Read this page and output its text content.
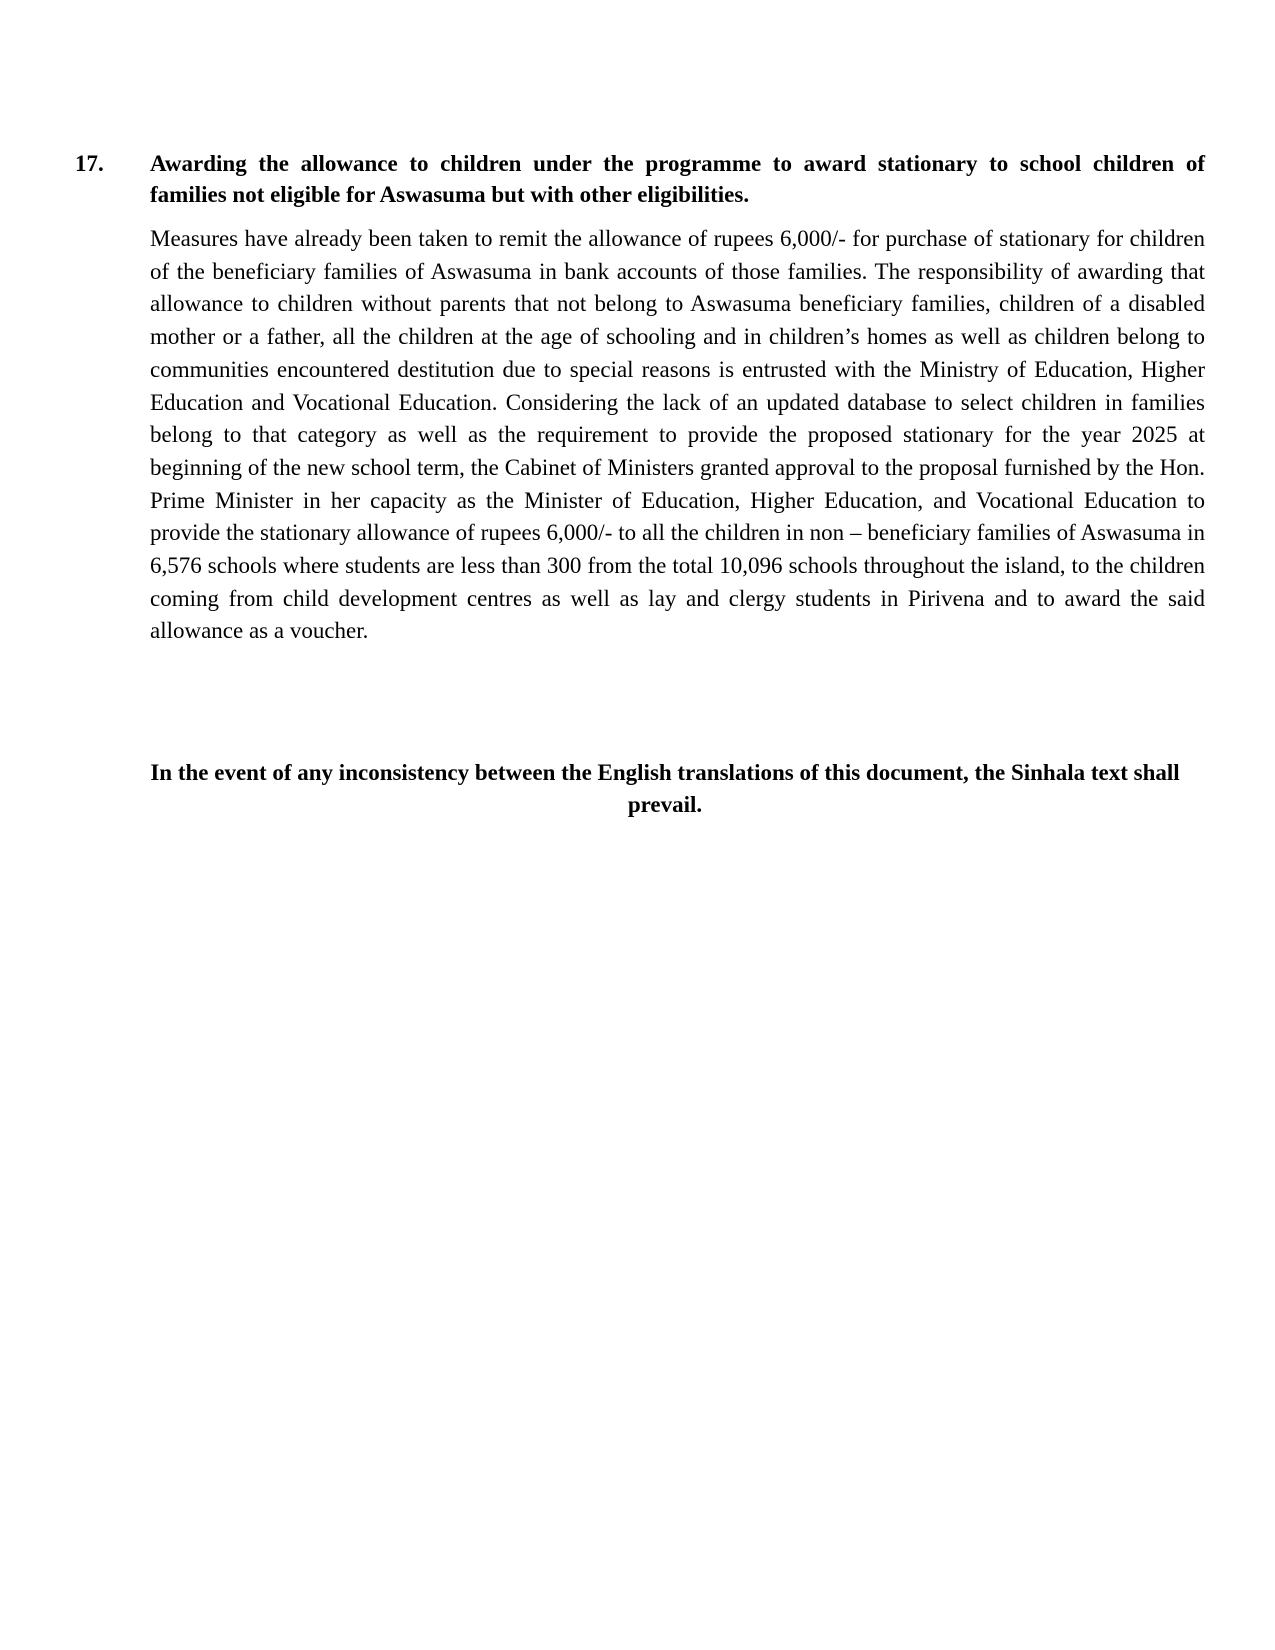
17. Awarding the allowance to children under the programme to award stationary to school children of families not eligible for Aswasuma but with other eligibilities.

Measures have already been taken to remit the allowance of rupees 6,000/- for purchase of stationary for children of the beneficiary families of Aswasuma in bank accounts of those families. The responsibility of awarding that allowance to children without parents that not belong to Aswasuma beneficiary families, children of a disabled mother or a father, all the children at the age of schooling and in children’s homes as well as children belong to communities encountered destitution due to special reasons is entrusted with the Ministry of Education, Higher Education and Vocational Education. Considering the lack of an updated database to select children in families belong to that category as well as the requirement to provide the proposed stationary for the year 2025 at beginning of the new school term, the Cabinet of Ministers granted approval to the proposal furnished by the Hon. Prime Minister in her capacity as the Minister of Education, Higher Education, and Vocational Education to provide the stationary allowance of rupees 6,000/- to all the children in non – beneficiary families of Aswasuma in 6,576 schools where students are less than 300 from the total 10,096 schools throughout the island, to the children coming from child development centres as well as lay and clergy students in Pirivena and to award the said allowance as a voucher.

In the event of any inconsistency between the English translations of this document, the Sinhala text shall prevail.
